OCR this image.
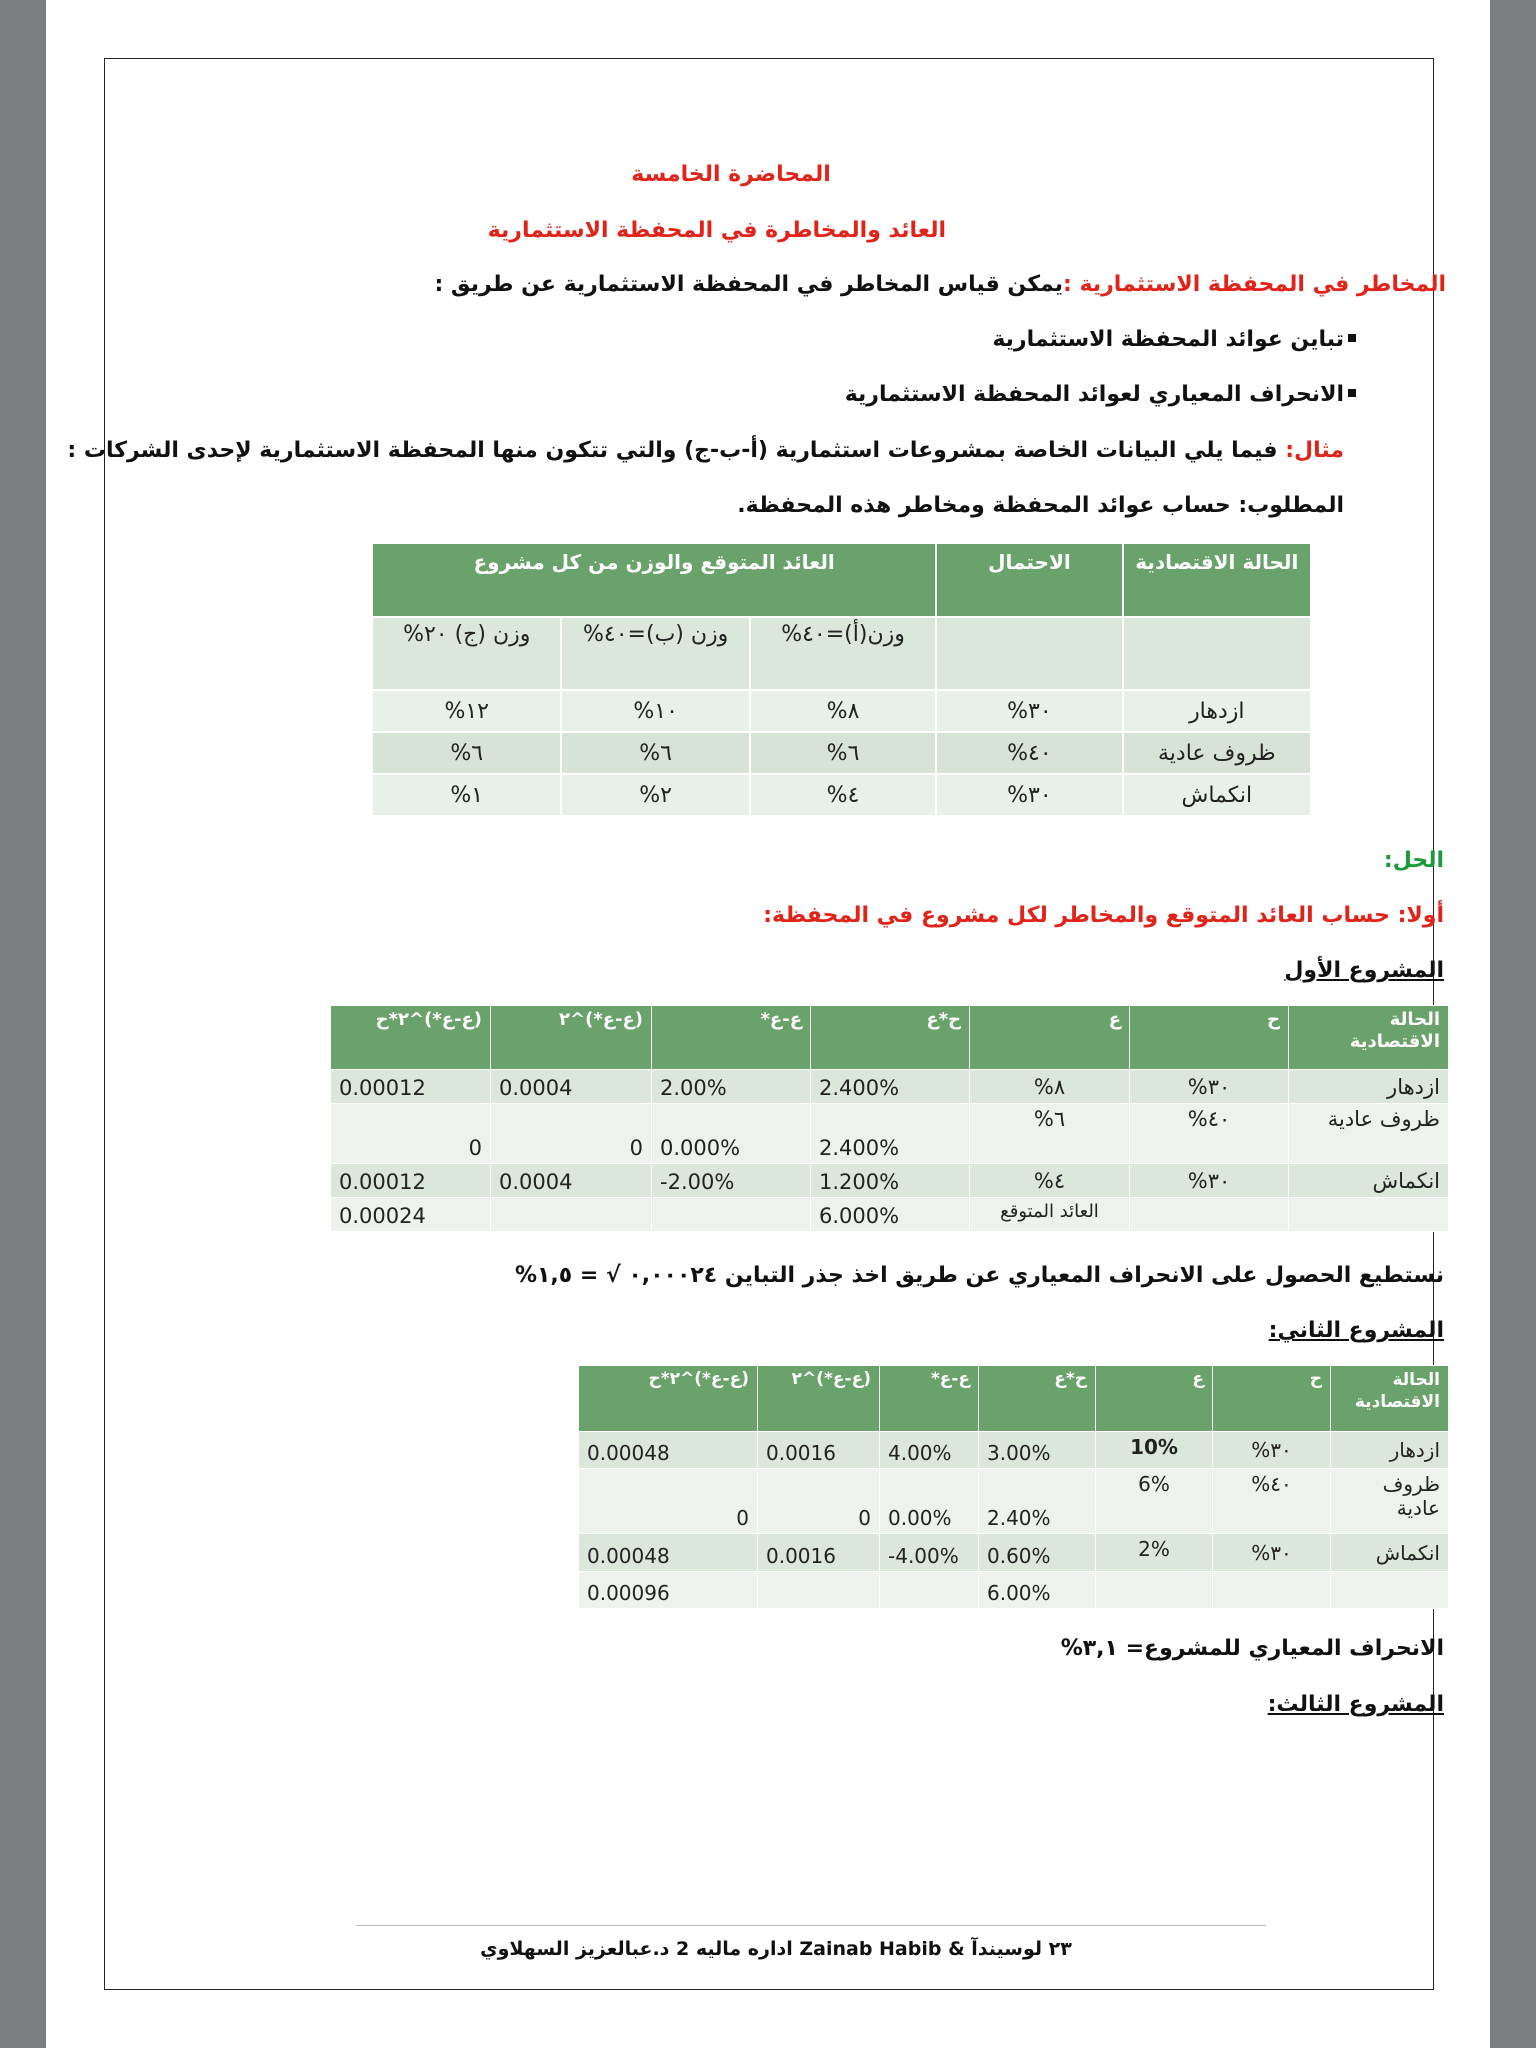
المحاضرة الخامسة
العائد والمخاطرة في المحفظة الاستثمارية
المخاطر في المحفظة الاستثمارية :يمكن قياس المخاطر في المحفظة الاستثمارية عن طريق :
تباين عوائد المحفظة الاستثمارية
الانحراف المعياري لعوائد المحفظة الاستثمارية
مثال: فيما يلي البيانات الخاصة بمشروعات استثمارية (أ-ب-ج) والتي تتكون منها المحفظة الاستثمارية لإحدى الشركات :
المطلوب: حساب عوائد المحفظة ومخاطر هذه المحفظة.
الحالة الاقتصادية	الاحتمال	العائد المتوقع والوزن من كل مشروع		
		وزن(أ)=٤٠%	وزن (ب)=٤٠%	وزن (ج) ٢٠%
ازدهار	٣٠%	٨%	١٠%	١٢%
ظروف عادية	٤٠%	٦%	٦%	٦%
انكماش	٣٠%	٤%	٢%	١%
الحل:
أولا: حساب العائد المتوقع والمخاطر لكل مشروع في المحفظة:
المشروع الأول
الحالة الاقتصادية	ح	ع	ح*ع	ع-ع*	(ع-ع*)^٢	(ع-ع*)^٢*ح
ازدهار	٣٠%	٨%	2.400%	2.00%	0.0004	0.00012
ظروف عادية	٤٠%	٦%	2.400%	0.000%	0	0
انكماش	٣٠%	٤%	1.200%	-2.00%	0.0004	0.00012
		العائد المتوقع	6.000%			0.00024
نستطيع الحصول على الانحراف المعياري عن طريق اخذ جذر التباين ٠,٠٠٠٢٤ √ = ١,٥%
المشروع الثاني:
الحالة الاقتصادية	ح	ع	ح*ع	ع-ع*	(ع-ع*)^٢	(ع-ع*)^٢*ح
ازدهار	٣٠%	10%	3.00%	4.00%	0.0016	0.00048
ظروف عادية	٤٠%	6%	2.40%	0.00%	0	0
انكماش	٣٠%	2%	0.60%	-4.00%	0.0016	0.00048
			6.00%			0.00096
الانحراف المعياري للمشروع= ٣,١%
المشروع الثالث:
٢٣ لوسيندآ & Zainab Habib اداره ماليه 2 د.عبالعزيز السهلاوي
